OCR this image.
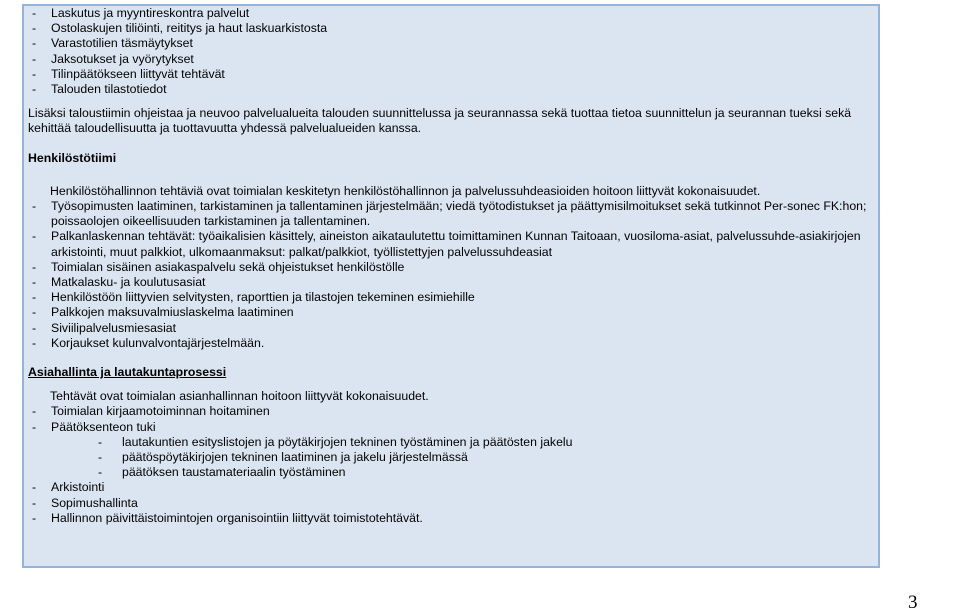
- Laskutus ja myyntireskontra palvelut
- Ostolaskujen tiliöinti, reititys ja haut laskuarkistosta
- Varastotilien täsmäytykset
- Jaksotukset ja vyörytykset
- Tilinpäätökseen liittyvät tehtävät
- Talouden tilastotiedot

Lisäksi taloustiimin ohjeistaa ja neuvoo palvelualueita talouden suunnittelussa ja seurannassa sekä tuottaa tietoa suunnittelun ja seurannan tueksi sekä kehittää taloudellisuutta ja tuottavuutta yhdessä palvelualueiden kanssa.

Henkilöstötiimi

Henkilöstöhallinnon tehtäviä ovat toimialan keskitetyn henkilöstöhallinnon ja palvelussuhdeasioiden hoitoon liittyvät kokonaisuudet.

- Työsopimusten laatiminen, tarkistaminen ja tallentaminen järjestelmään; viedä työtodistukset ja päättymisilmoitukset sekä tutkinnot Per-sonec FK:hon; poissaolojen oikeellisuuden tarkistaminen ja tallentaminen.
- Palkanlaskennan tehtävät: työaikalisien käsittely, aineiston aikataulutettu toimittaminen Kunnan Taitoaan, vuosiloma-asiat, palvelussuhde-asiakirjojen arkistointi, muut palkkiot, ulkomaanmaksut: palkat/palkkiot, työllistettyjen palvelussuhdeasiat
- Toimialan sisäinen asiakaspalvelu sekä ohjeistukset henkilöstölle
- Matkalasku- ja koulutusasiat
- Henkilöstöön liittyvien selvitysten, raporttien ja tilastojen tekeminen esimiehille
- Palkkojen maksuvalmiuslaskelma laatiminen
- Siviilipalvelusmiesasiat
- Korjaukset kulunvalvontajärjestelmään.

Asiahallinta ja lautakuntaprosessi

Tehtävät ovat toimialan asianhallinnan hoitoon liittyvät kokonaisuudet.

- Toimialan kirjaamotoiminnan hoitaminen
- Päätöksenteon tuki
- lautakuntien esityslistojen ja pöytäkirjojen tekninen työstäminen ja päätösten jakelu
- päätöspöytäkirjojen tekninen laatiminen ja jakelu järjestelmässä
- päätöksen taustamateriaalin työstäminen
- Arkistointi
- Sopimushallinta
- Hallinnon päivittäistoimintojen organisointiin liittyvät toimistotehtävät.
3
